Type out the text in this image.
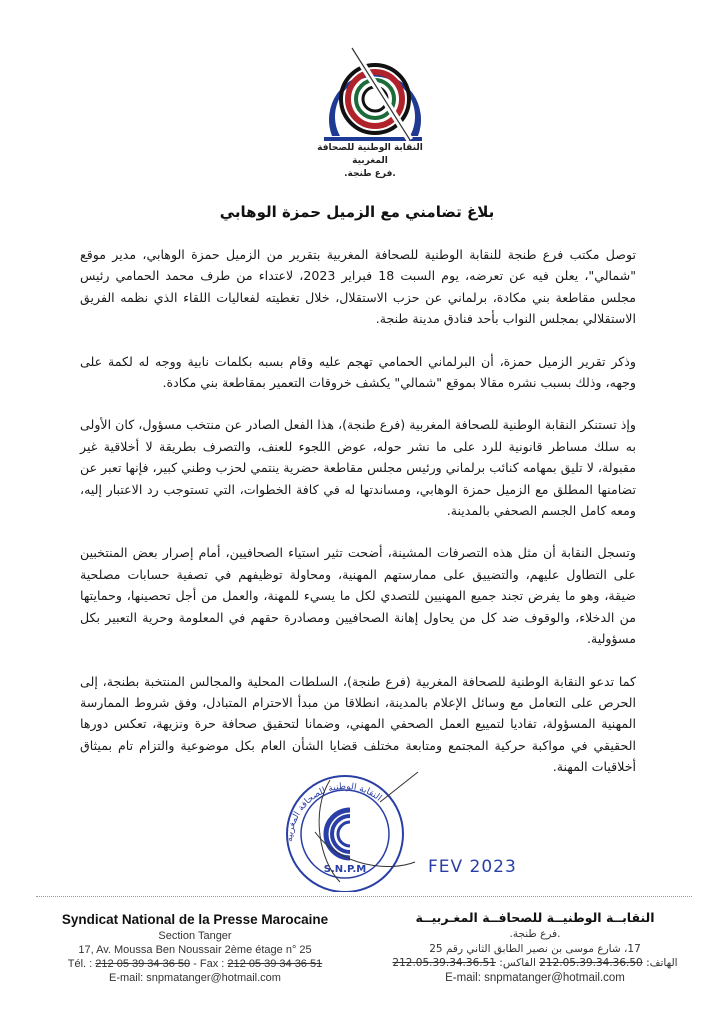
النقابة الوطنية للصحافة المغربية
.فرع طنجة.
بلاغ تضامني مع الزميل حمزة الوهابي

توصل مكتب فرع طنجة للنقابة الوطنية للصحافة المغربية بتقرير من الزميل حمزة الوهابي، مدير موقع "شمالي"، يعلن فيه عن تعرضه، يوم السبت 18 فبراير 2023، لاعتداء من طرف محمد الحمامي رئيس مجلس مقاطعة بني مكادة، برلماني عن حزب الاستقلال، خلال تغطيته لفعاليات اللقاء الذي نظمه الفريق الاستقلالي بمجلس النواب بأحد فنادق مدينة طنجة.

وذكر تقرير الزميل حمزة، أن البرلماني الحمامي تهجم عليه وقام بسبه بكلمات نابية ووجه له لكمة على وجهه، وذلك بسبب نشره مقالا بموقع "شمالي" يكشف خروقات التعمير بمقاطعة بني مكادة.

وإذ تستنكر النقابة الوطنية للصحافة المغربية (فرع طنجة)، هذا الفعل الصادر عن منتخب مسؤول، كان الأولى به سلك مساطر قانونية للرد على ما نشر حوله، عوض اللجوء للعنف، والتصرف بطريقة لا أخلاقية غير مقبولة، لا تليق بمهامه كنائب برلماني ورئيس مجلس مقاطعة حضرية ينتمي لحزب وطني كبير، فإنها تعبر عن تضامنها المطلق مع الزميل حمزة الوهابي، ومساندتها له في كافة الخطوات، التي تستوجب رد الاعتبار إليه، ومعه كامل الجسم الصحفي بالمدينة.

وتسجل النقابة أن مثل هذه التصرفات المشينة، أضحت تثير استياء الصحافيين، أمام إصرار بعض المنتخبين على التطاول عليهم، والتضييق على ممارستهم المهنية، ومحاولة توظيفهم في تصفية حسابات مصلحية ضيقة، وهو ما يفرض تجند جميع المهنيين للتصدي لكل ما يسيء للمهنة، والعمل من أجل تحصينها، وحمايتها من الدخلاء، والوقوف ضد كل من يحاول إهانة الصحافيين ومصادرة حقهم في المعلومة وحرية التعبير بكل مسؤولية.

كما تدعو النقابة الوطنية للصحافة المغربية (فرع طنجة)، السلطات المحلية والمجالس المنتخبة بطنجة، إلى الحرص على التعامل مع وسائل الإعلام بالمدينة، انطلاقا من مبدأ الاحترام المتبادل، وفق شروط الممارسة المهنية المسؤولة، تفاديا لتمييع العمل الصحفي المهني، وضمانا لتحقيق صحافة حرة ونزيهة، تعكس دورها الحقيقي في مواكبة حركية المجتمع ومتابعة مختلف قضايا الشأن العام بكل موضوعية والتزام تام بميثاق أخلاقيات المهنة.

النقابة الوطنية للصحافة المغربية
S.N.P.M	FEV 2023
Syndicat National de la Presse Marocaine
Section Tanger
17, Av. Moussa Ben Noussair 2ème étage n° 25
Tél. : 212 05 39 34 36 50 - Fax : 212 05 39 34 36 51
E-mail: snpmatanger@hotmail.com
النقابــة الوطنيــة للصحافــة المغـربيــة
.فرع طنجة.
17، شارع موسى بن نصير الطابق الثاني رقم 25
الهاتف: 212.05.39.34.36.50 الفاكس: 212.05.39.34.36.51
E-mail: snpmatanger@hotmail.com
